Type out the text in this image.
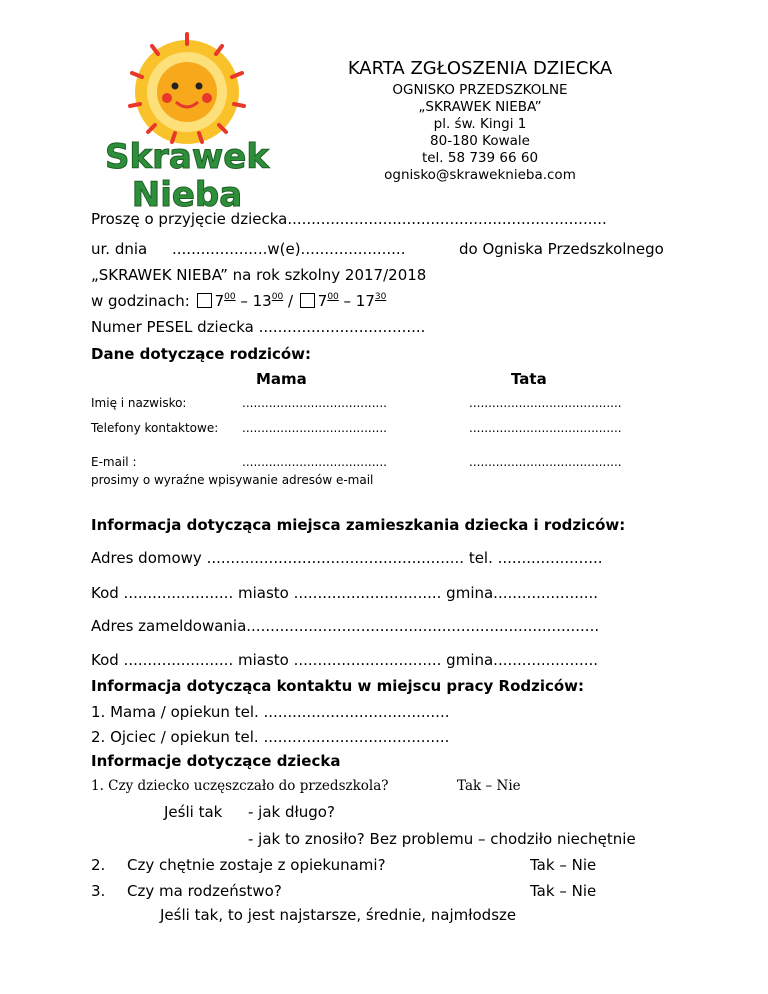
Skrawek
Nieba
KARTA ZGŁOSZENIA DZIECKA
OGNISKO PRZEDSZKOLNE
„SKRAWEK NIEBA”
pl. św. Kingi 1
80-180 Kowale
tel. 58 739 66 60
ognisko@skraweknieba.com
Proszę o przyjęcie dziecka...................................................................
ur. dnia ....................w(e)......................	do Ogniska Przedszkolnego
„SKRAWEK NIEBA” na rok szkolny 2017/2018
w godzinach: $7^{00} - 13^{00} / 7^{00} - 17^{30}$
Numer PESEL dziecka ...................................
Dane dotyczące rodziców:
Mama	Tata
Imię i nazwisko:	......................................	........................................
Telefony kontaktowe: ......................................	........................................
E-mail :	......................................	........................................
prosimy o wyraźne wpisywanie adresów e-mail
Informacja dotycząca miejsca zamieszkania dziecka i rodziców:
Adres domowy ...................................................... tel. ......................
Kod ....................... miasto ............................... gmina......................
Adres zameldowania..........................................................................
Kod ....................... miasto ............................... gmina......................
Informacja dotycząca kontaktu w miejscu pracy Rodziców:
1. Mama / opiekun tel. .......................................
2. Ojciec / opiekun tel. .......................................
Informacje dotyczące dziecka
1. Czy dziecko uczęszczało do przedszkola?	Tak – Nie
Jeśli tak - jak długo?
- jak to znosiło? Bez problemu – chodziło niechętnie
2. Czy chętnie zostaje z opiekunami?	Tak – Nie
3. Czy ma rodzeństwo?	Tak – Nie
Jeśli tak, to jest najstarsze, średnie, najmłodsze
